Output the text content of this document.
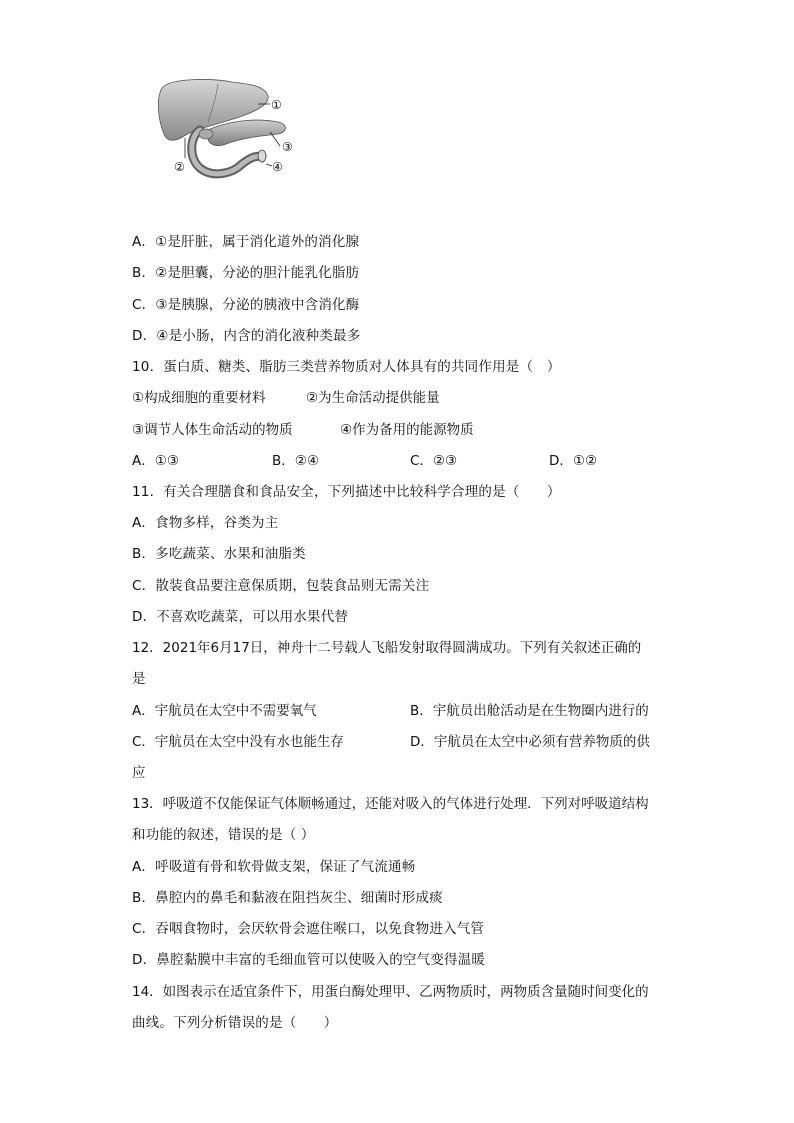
①
②
③
④
A．①是肝脏，属于消化道外的消化腺
B．②是胆囊，分泌的胆汁能乳化脂肪
C．③是胰腺，分泌的胰液中含消化酶
D．④是小肠，内含的消化液种类最多
10．蛋白质、糖类、脂肪三类营养物质对人体具有的共同作用是（　）
①构成细胞的重要材料	②为生命活动提供能量
③调节人体生命活动的物质	④作为备用的能源物质
A．①③	B．②④	C．②③	D．①②
11．有关合理膳食和食品安全，下列描述中比较科学合理的是（　　）
A．食物多样，谷类为主
B．多吃蔬菜、水果和油脂类
C．散装食品要注意保质期，包装食品则无需关注
D．不喜欢吃蔬菜，可以用水果代替
12．2021年6月17日，神舟十二号载人飞船发射取得圆满成功。下列有关叙述正确的
是
A．宇航员在太空中不需要氧气	B．宇航员出舱活动是在生物圈内进行的
C．宇航员在太空中没有水也能生存	D．宇航员在太空中必须有营养物质的供
应
13．呼吸道不仅能保证气体顺畅通过，还能对吸入的气体进行处理．下列对呼吸道结构
和功能的叙述，错误的是（ ）
A．呼吸道有骨和软骨做支架，保证了气流通畅
B．鼻腔内的鼻毛和黏液在阻挡灰尘、细菌时形成痰
C．吞咽食物时，会厌软骨会遮住喉口，以免食物进入气管
D．鼻腔黏膜中丰富的毛细血管可以使吸入的空气变得温暖
14．如图表示在适宜条件下，用蛋白酶处理甲、乙两物质时，两物质含量随时间变化的
曲线。下列分析错误的是（　　）
